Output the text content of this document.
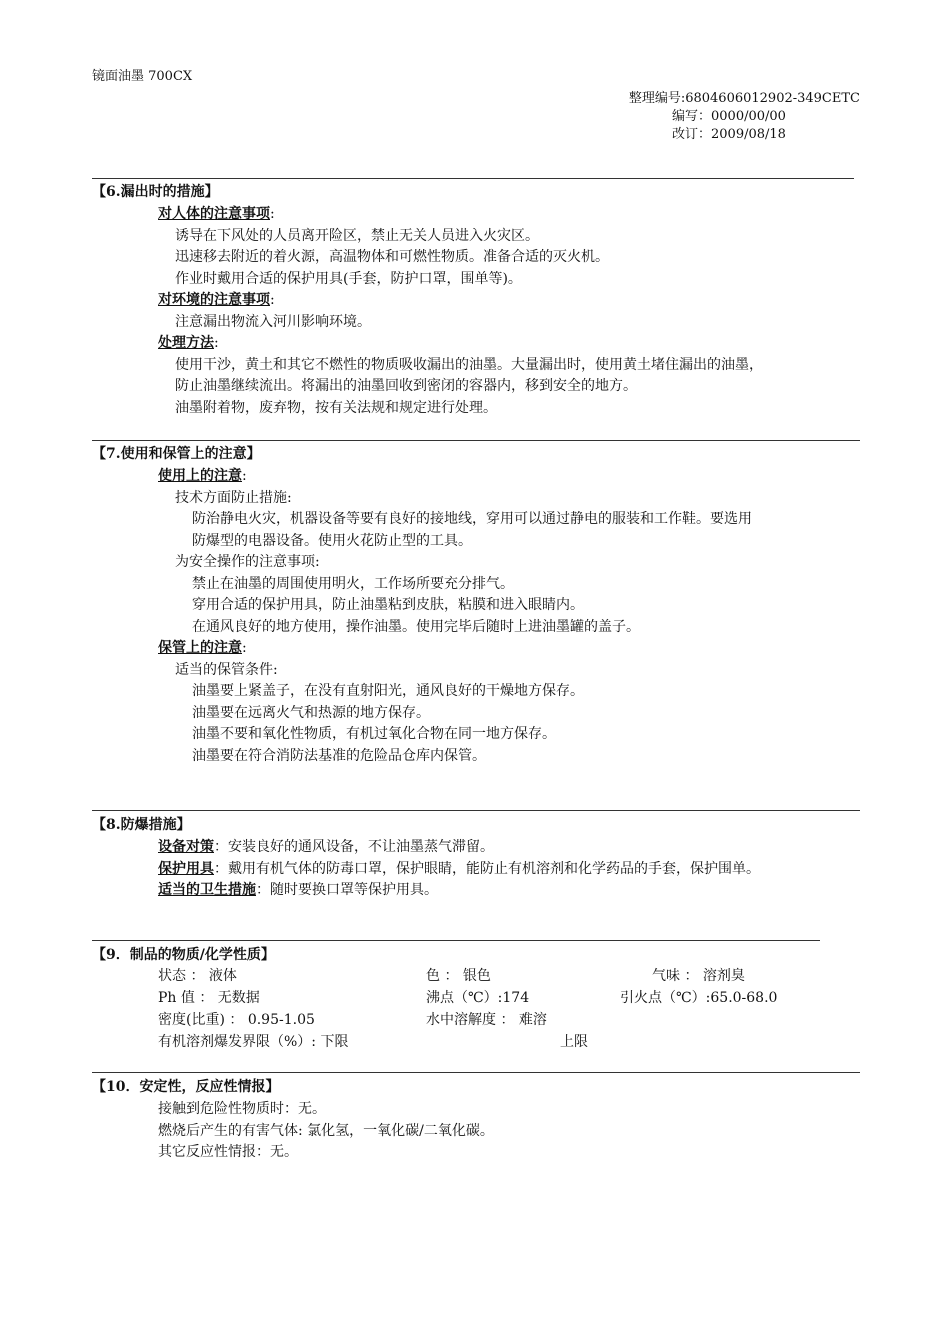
镜面油墨 700CX
整理编号:6804606012902-349CETC
编写：0000/00/00
改订：2009/08/18
【6.漏出时的措施】
对人体的注意事项:
诱导在下风处的人员离开险区，禁止无关人员进入火灾区。
迅速移去附近的着火源，高温物体和可燃性物质。准备合适的灭火机。
作业时戴用合适的保护用具(手套，防护口罩，围单等)。
对环境的注意事项:
注意漏出物流入河川影响环境。
处理方法:
使用干沙，黄土和其它不燃性的物质吸收漏出的油墨。大量漏出时，使用黄土堵住漏出的油墨，
防止油墨继续流出。将漏出的油墨回收到密闭的容器内，移到安全的地方。
油墨附着物，废弃物，按有关法规和规定进行处理。
【7.使用和保管上的注意】
使用上的注意:
技术方面防止措施:
防治静电火灾，机器设备等要有良好的接地线，穿用可以通过静电的服装和工作鞋。要选用
防爆型的电器设备。使用火花防止型的工具。
为安全操作的注意事项:
禁止在油墨的周围使用明火，工作场所要充分排气。
穿用合适的保护用具，防止油墨粘到皮肤，粘膜和进入眼睛内。
在通风良好的地方使用，操作油墨。使用完毕后随时上进油墨罐的盖子。
保管上的注意:
适当的保管条件:
油墨要上紧盖子，在没有直射阳光，通风良好的干燥地方保存。
油墨要在远离火气和热源的地方保存。
油墨不要和氧化性物质，有机过氧化合物在同一地方保存。
油墨要在符合消防法基准的危险品仓库内保管。
【8.防爆措施】
设备对策：安装良好的通风设备，不让油墨蒸气滞留。
保护用具：戴用有机气体的防毒口罩，保护眼睛，能防止有机溶剂和化学药品的手套，保护围单。
适当的卫生措施：随时要换口罩等保护用具。
【9．制品的物质/化学性质】
状态 ： 液体	色 ： 银色	气味 ： 溶剂臭
Ph 值 ： 无数据	沸点（℃）:174	引火点（℃）:65.0-68.0
密度(比重) ： 0.95-1.05	水中溶解度 ： 难溶
有机溶剂爆发界限（%）: 下限	上限
【10．安定性，反应性情报】
接触到危险性物质时：无。
燃烧后产生的有害气体: 氯化氢，一氧化碳/二氧化碳。
其它反应性情报：无。
